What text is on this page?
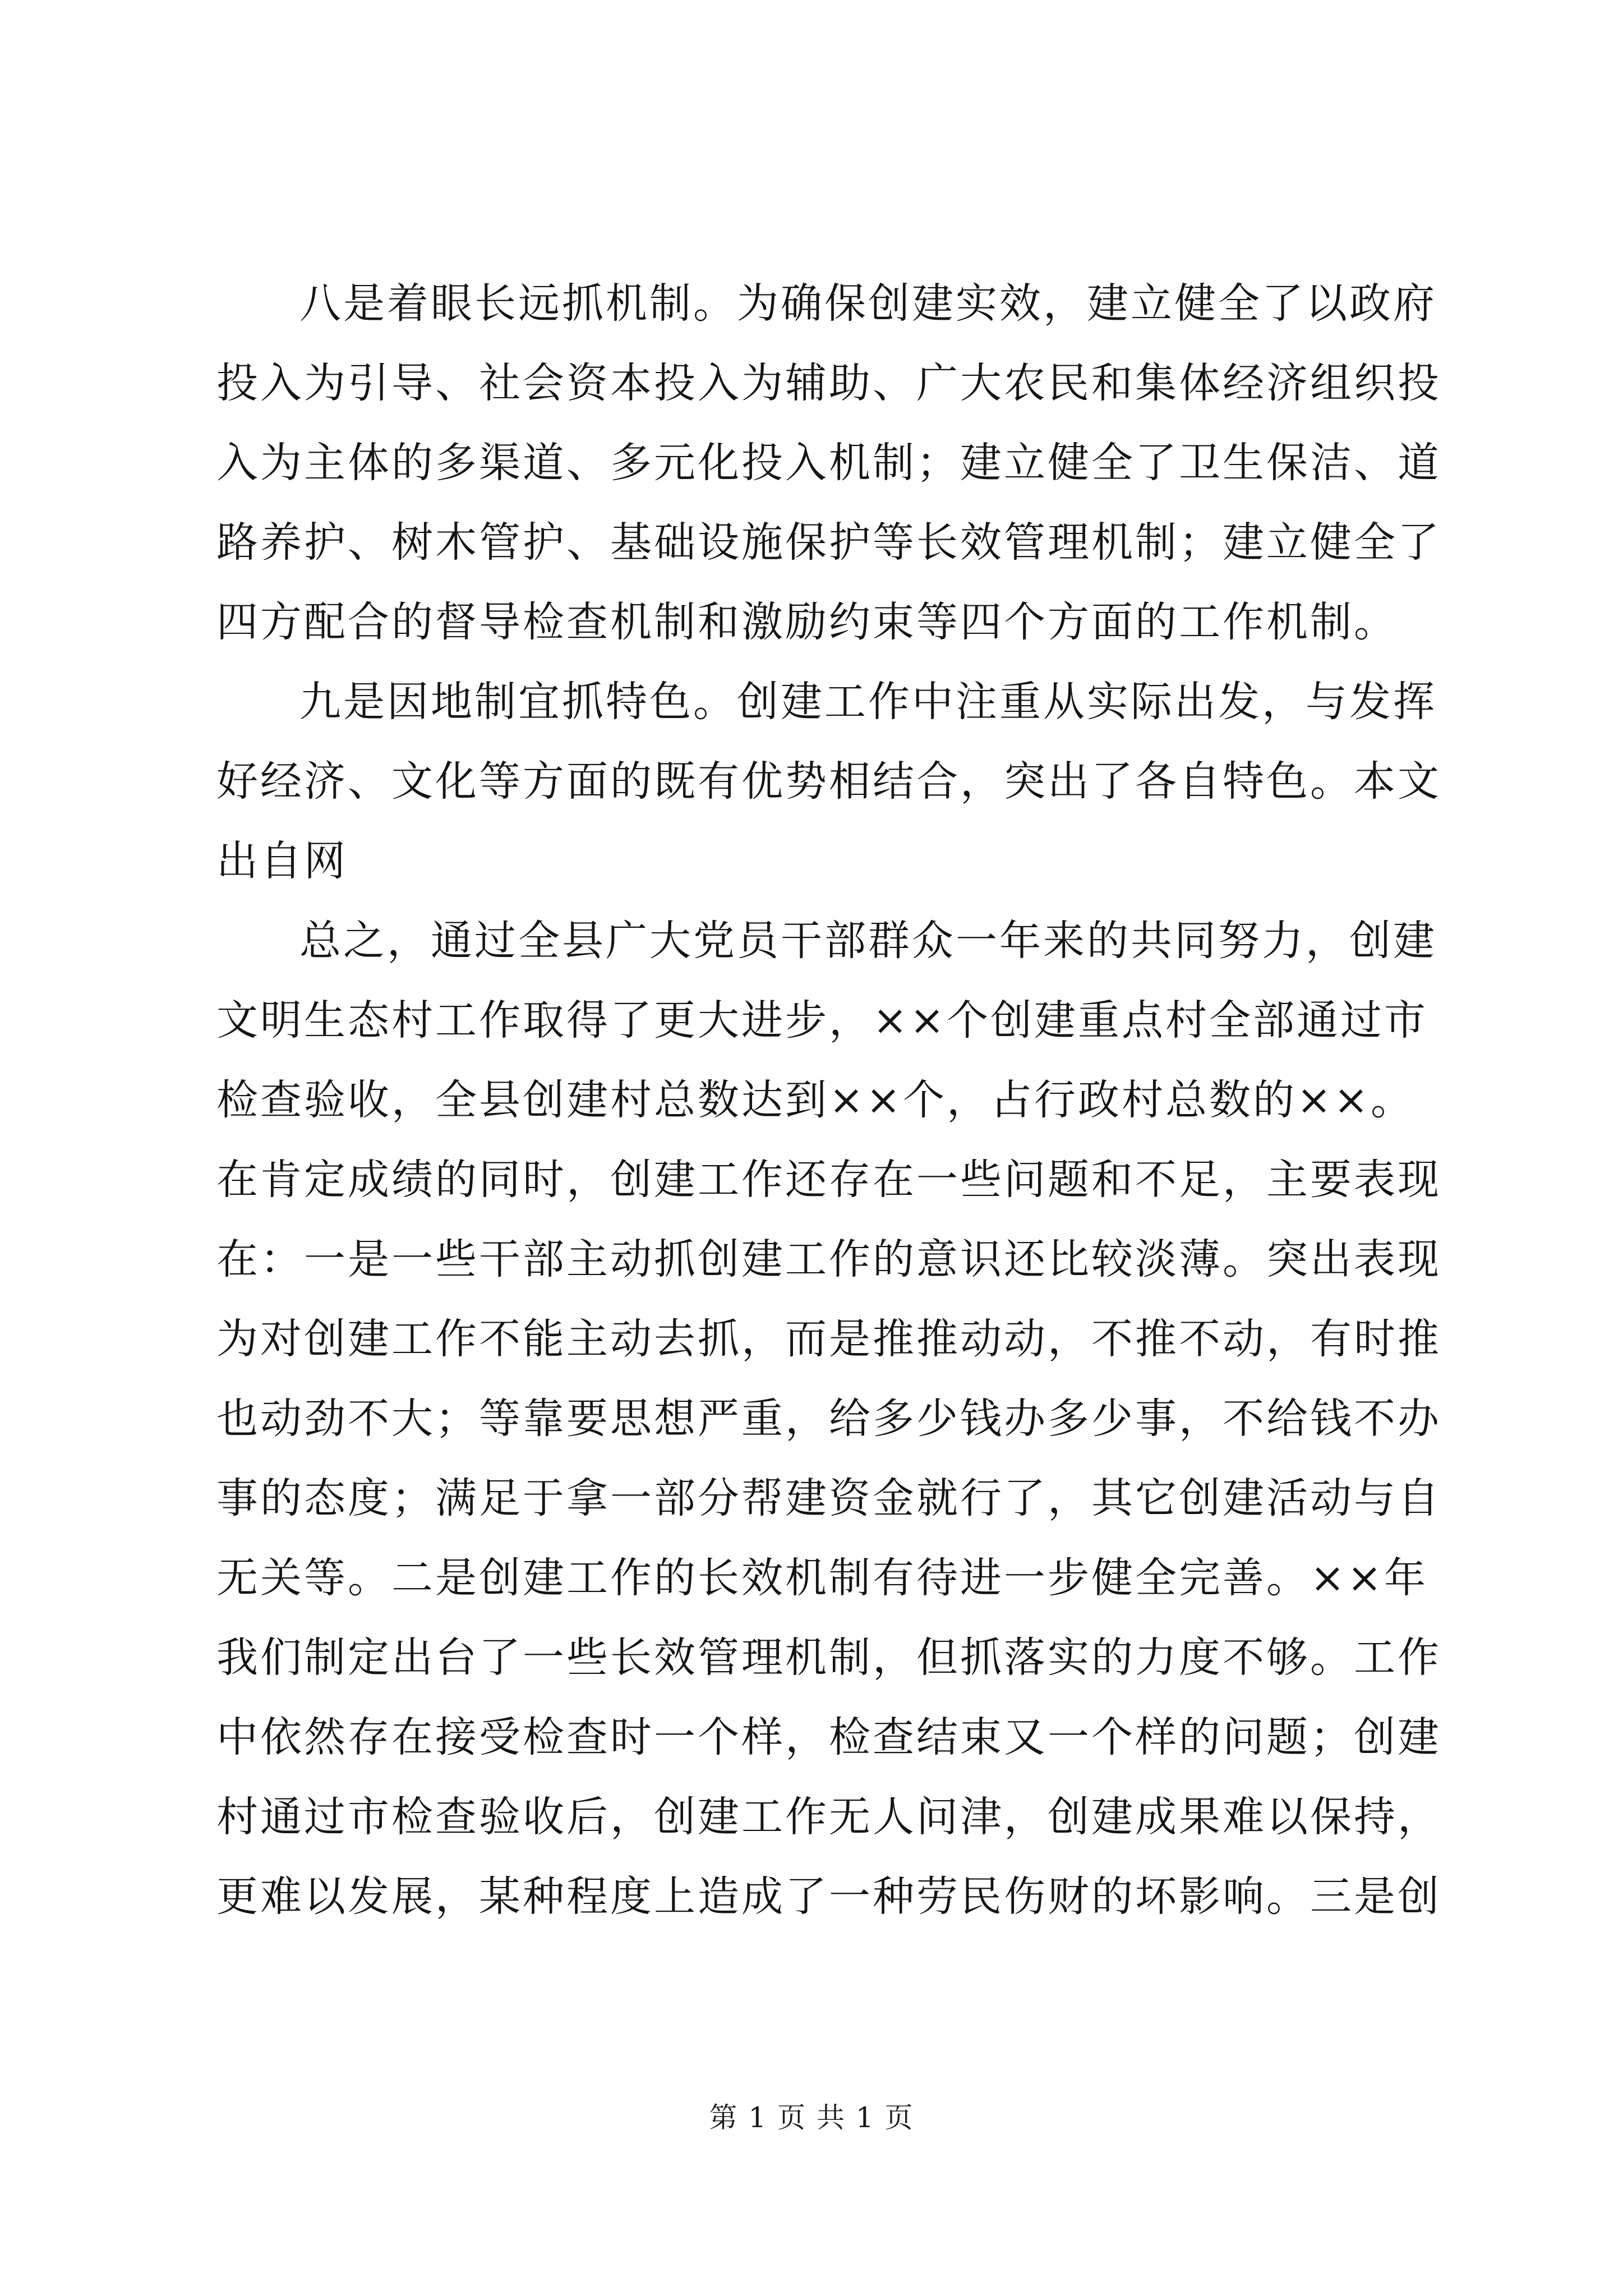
八是着眼长远抓机制。为确保创建实效，建立健全了以政府
投入为引导、社会资本投入为辅助、广大农民和集体经济组织投
入为主体的多渠道、多元化投入机制；建立健全了卫生保洁、道
路养护、树木管护、基础设施保护等长效管理机制；建立健全了
四方配合的督导检查机制和激励约束等四个方面的工作机制。
九是因地制宜抓特色。创建工作中注重从实际出发，与发挥
好经济、文化等方面的既有优势相结合，突出了各自特色。本文
出自网
总之，通过全县广大党员干部群众一年来的共同努力，创建
文明生态村工作取得了更大进步，××个创建重点村全部通过市
检查验收，全县创建村总数达到××个，占行政村总数的××。
在肯定成绩的同时，创建工作还存在一些问题和不足，主要表现
在：一是一些干部主动抓创建工作的意识还比较淡薄。突出表现
为对创建工作不能主动去抓，而是推推动动，不推不动，有时推
也动劲不大；等靠要思想严重，给多少钱办多少事，不给钱不办
事的态度；满足于拿一部分帮建资金就行了，其它创建活动与自
无关等。二是创建工作的长效机制有待进一步健全完善。××年
我们制定出台了一些长效管理机制，但抓落实的力度不够。工作
中依然存在接受检查时一个样，检查结束又一个样的问题；创建
村通过市检查验收后，创建工作无人问津，创建成果难以保持，
更难以发展，某种程度上造成了一种劳民伤财的坏影响。三是创
第 1 页 共 1 页
